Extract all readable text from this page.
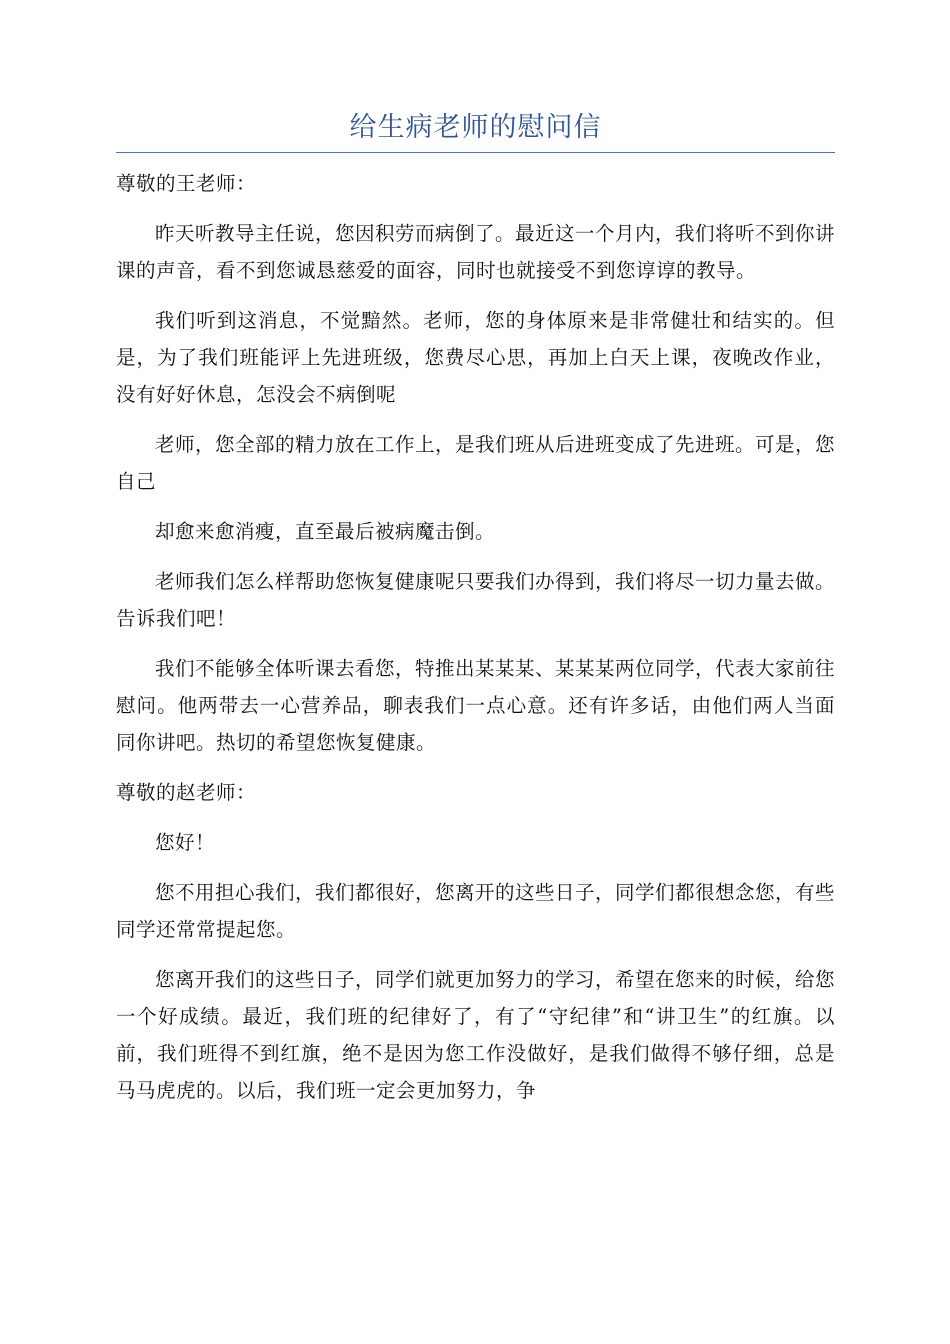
给生病老师的慰问信

尊敬的王老师：

昨天听教导主任说，您因积劳而病倒了。最近这一个月内，我们将听不到你讲课的声音，看不到您诚恳慈爱的面容，同时也就接受不到您谆谆的教导。

我们听到这消息，不觉黯然。老师，您的身体原来是非常健壮和结实的。但是，为了我们班能评上先进班级，您费尽心思，再加上白天上课，夜晚改作业，没有好好休息，怎没会不病倒呢

老师，您全部的精力放在工作上，是我们班从后进班变成了先进班。可是，您自己

却愈来愈消瘦，直至最后被病魔击倒。

老师我们怎么样帮助您恢复健康呢只要我们办得到，我们将尽一切力量去做。告诉我们吧！

我们不能够全体听课去看您，特推出某某某、某某某两位同学，代表大家前往慰问。他两带去一心营养品，聊表我们一点心意。还有许多话，由他们两人当面同你讲吧。热切的希望您恢复健康。

尊敬的赵老师：

您好！

您不用担心我们，我们都很好，您离开的这些日子，同学们都很想念您，有些同学还常常提起您。

您离开我们的这些日子，同学们就更加努力的学习，希望在您来的时候，给您一个好成绩。最近，我们班的纪律好了，有了“守纪律”和“讲卫生”的红旗。以前，我们班得不到红旗，绝不是因为您工作没做好，是我们做得不够仔细，总是马马虎虎的。以后，我们班一定会更加努力，争
